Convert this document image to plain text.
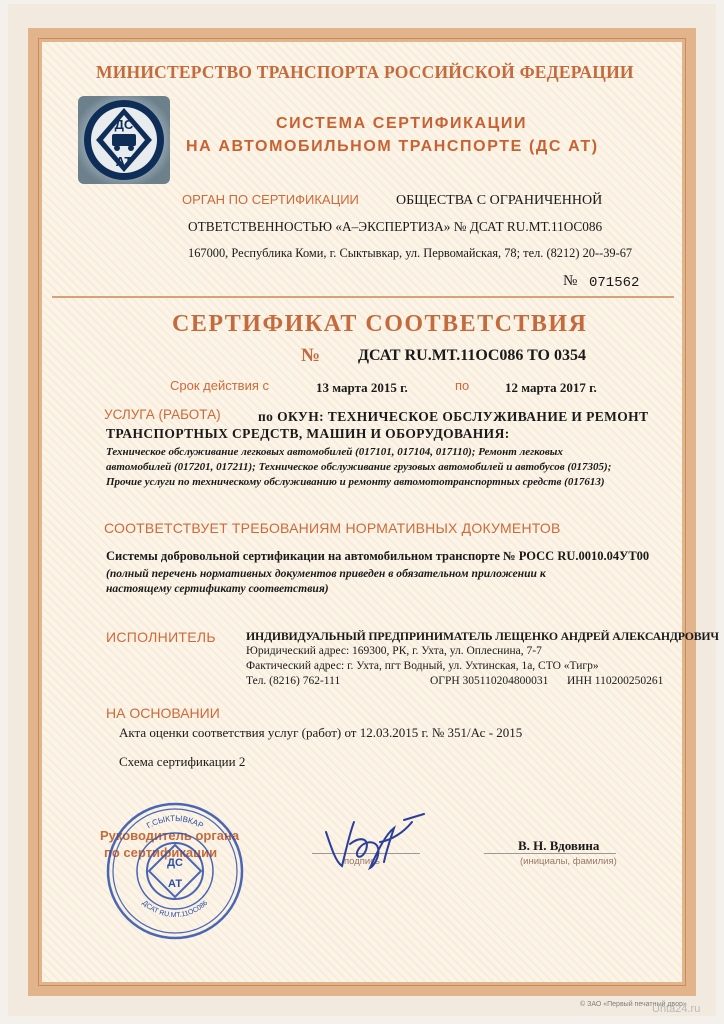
МИНИСТЕРСТВО ТРАНСПОРТА РОССИЙСКОЙ ФЕДЕРАЦИИ
ДС
АТ
СИСТЕМА СЕРТИФИКАЦИИ
НА АВТОМОБИЛЬНОМ ТРАНСПОРТЕ (ДС АТ)
ОРГАН ПО СЕРТИФИКАЦИИ	ОБЩЕСТВА С ОГРАНИЧЕННОЙ
ОТВЕТСТВЕННОСТЬЮ «А–ЭКСПЕРТИЗА» № ДСАТ RU.MT.11OC086
167000, Республика Коми, г. Сыктывкар, ул. Первомайская, 78; тел. (8212) 20--39-67
№ 071562
СЕРТИФИКАТ СООТВЕТСТВИЯ
№ ДСАТ RU.MT.11OC086 TO 0354
Срок действия с	13 марта 2015 г.	по	12 марта 2017 г.
УСЛУГА (РАБОТА)	по ОКУН: ТЕХНИЧЕСКОЕ ОБСЛУЖИВАНИЕ И РЕМОНТ
ТРАНСПОРТНЫХ СРЕДСТВ, МАШИН И ОБОРУДОВАНИЯ:
Техническое обслуживание легковых автомобилей (017101, 017104, 017110); Ремонт легковых
автомобилей (017201, 017211); Техническое обслуживание грузовых автомобилей и автобусов (017305);
Прочие услуги по техническому обслуживанию и ремонту автомототранспортных средств (017613)
СООТВЕТСТВУЕТ ТРЕБОВАНИЯМ НОРМАТИВНЫХ ДОКУМЕНТОВ
Системы добровольной сертификации на автомобильном транспорте № РОСС RU.0010.04УТ00
(полный перечень нормативных документов приведен в обязательном приложении к
настоящему сертификату соответствия)
ИСПОЛНИТЕЛЬ	ИНДИВИДУАЛЬНЫЙ ПРЕДПРИНИМАТЕЛЬ ЛЕЩЕНКО АНДРЕЙ АЛЕКСАНДРОВИЧ
Юридический адрес: 169300, РК, г. Ухта, ул. Оплеснина, 7-7
Фактический адрес: г. Ухта, пгт Водный, ул. Ухтинская, 1а, СТО «Тигр»
Тел. (8216) 762-111	ОГРН 305110204800031 ИНН 110200250261
НА ОСНОВАНИИ
Акта оценки соответствия услуг (работ) от 12.03.2015 г. № 351/Ас - 2015
Схема сертификации 2
Руководитель органа
по сертификации
подпись
В. Н. Вдовина
(инициалы, фамилия)
ДС
АТ
Г.СЫКТЫВКАР
ДСАТ RU.MT.11OC086
© ЗАО «Первый печатный двор»
Uhta24.ru
